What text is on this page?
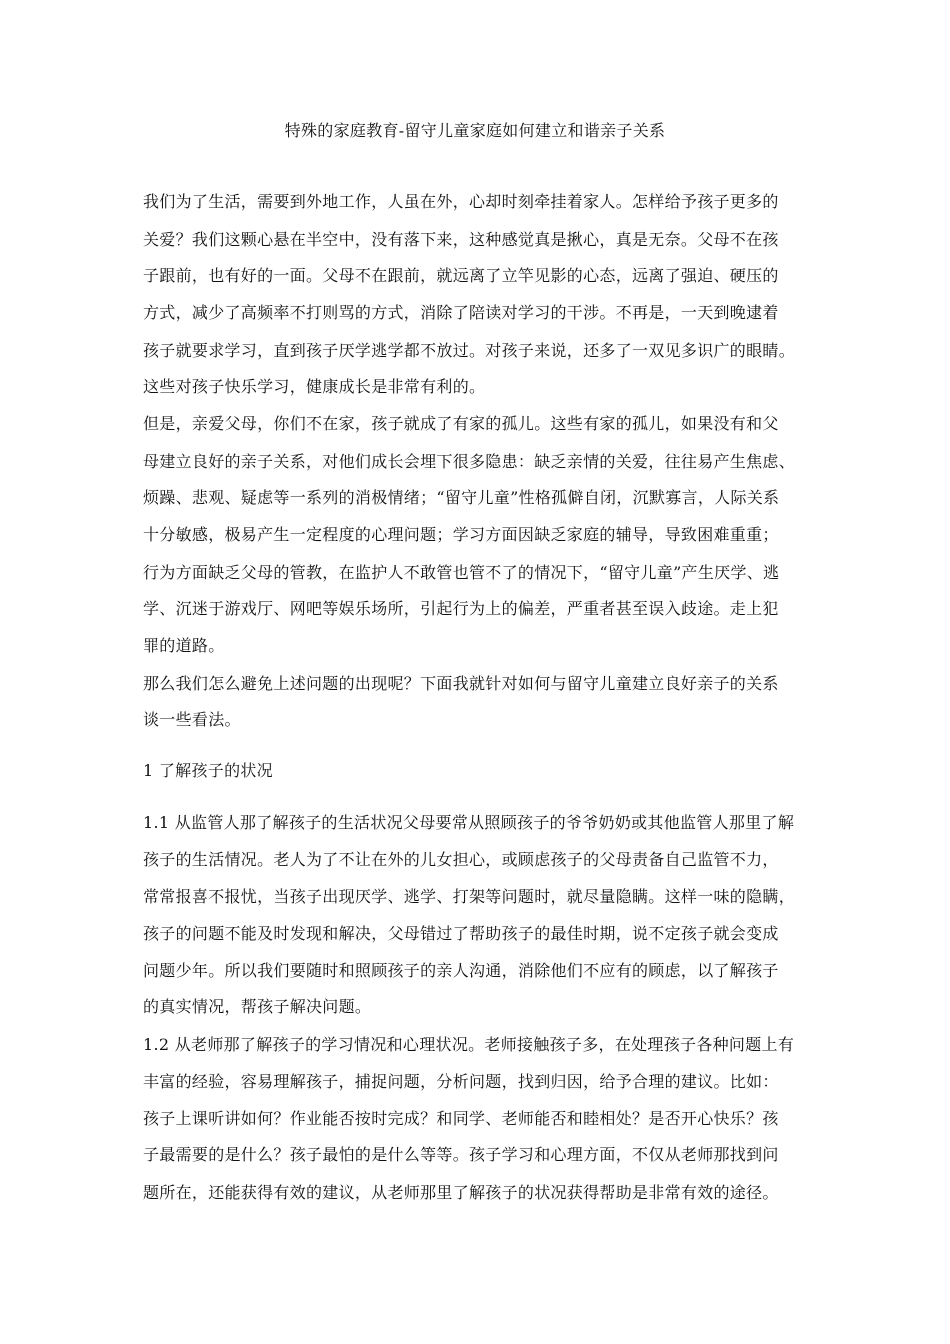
特殊的家庭教育-留守儿童家庭如何建立和谐亲子关系
我们为了生活，需要到外地工作，人虽在外，心却时刻牵挂着家人。怎样给予孩子更多的
关爱？我们这颗心悬在半空中，没有落下来，这种感觉真是揪心，真是无奈。父母不在孩
子跟前，也有好的一面。父母不在跟前，就远离了立竿见影的心态，远离了强迫、硬压的
方式，减少了高频率不打则骂的方式，消除了陪读对学习的干涉。不再是，一天到晚逮着
孩子就要求学习，直到孩子厌学逃学都不放过。对孩子来说，还多了一双见多识广的眼睛。
这些对孩子快乐学习，健康成长是非常有利的。
但是，亲爱父母，你们不在家，孩子就成了有家的孤儿。这些有家的孤儿，如果没有和父
母建立良好的亲子关系，对他们成长会埋下很多隐患：缺乏亲情的关爱，往往易产生焦虑、
烦躁、悲观、疑虑等一系列的消极情绪；“留守儿童”性格孤僻自闭，沉默寡言，人际关系
十分敏感，极易产生一定程度的心理问题；学习方面因缺乏家庭的辅导，导致困难重重；
行为方面缺乏父母的管教，在监护人不敢管也管不了的情况下，“留守儿童”产生厌学、逃
学、沉迷于游戏厅、网吧等娱乐场所，引起行为上的偏差，严重者甚至误入歧途。走上犯
罪的道路。
那么我们怎么避免上述问题的出现呢？下面我就针对如何与留守儿童建立良好亲子的关系
谈一些看法。
1 了解孩子的状况
1.1 从监管人那了解孩子的生活状况父母要常从照顾孩子的爷爷奶奶或其他监管人那里了解
孩子的生活情况。老人为了不让在外的儿女担心，或顾虑孩子的父母责备自己监管不力，
常常报喜不报忧，当孩子出现厌学、逃学、打架等问题时，就尽量隐瞒。这样一味的隐瞒，
孩子的问题不能及时发现和解决，父母错过了帮助孩子的最佳时期，说不定孩子就会变成
问题少年。所以我们要随时和照顾孩子的亲人沟通，消除他们不应有的顾虑，以了解孩子
的真实情况，帮孩子解决问题。
1.2 从老师那了解孩子的学习情况和心理状况。老师接触孩子多，在处理孩子各种问题上有
丰富的经验，容易理解孩子，捕捉问题，分析问题，找到归因，给予合理的建议。比如：
孩子上课听讲如何？作业能否按时完成？和同学、老师能否和睦相处？是否开心快乐？孩
子最需要的是什么？孩子最怕的是什么等等。孩子学习和心理方面，不仅从老师那找到问
题所在，还能获得有效的建议，从老师那里了解孩子的状况获得帮助是非常有效的途径。
